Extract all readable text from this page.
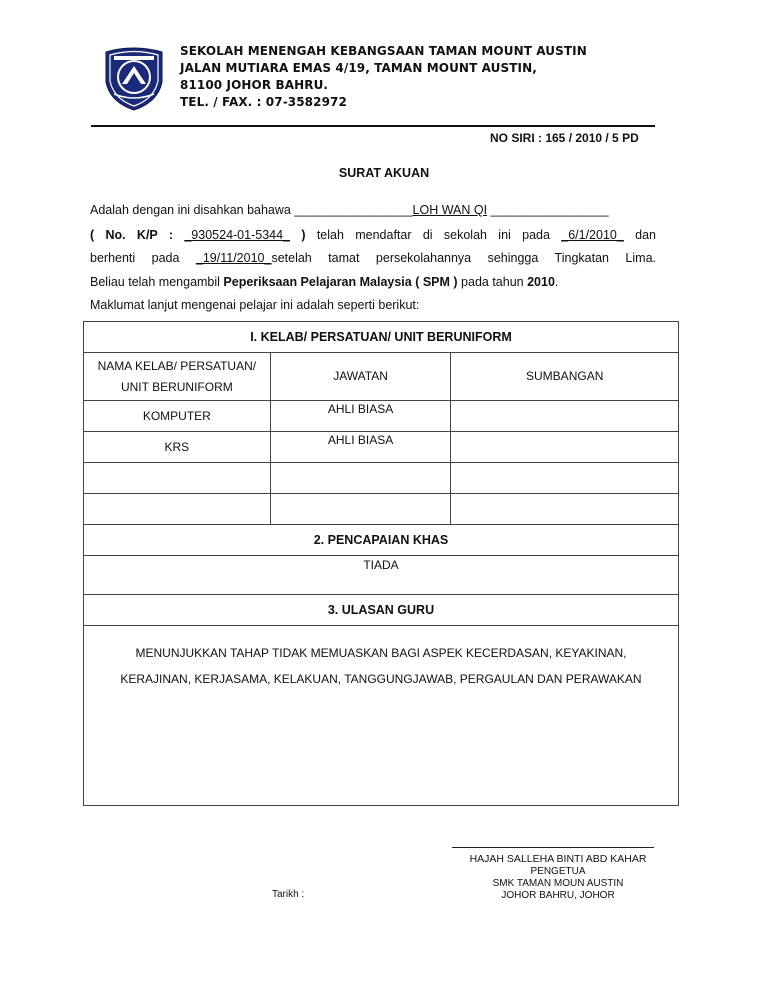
SEKOLAH MENENGAH KEBANGSAAN TAMAN MOUNT AUSTIN
JALAN MUTIARA EMAS 4/19, TAMAN MOUNT AUSTIN,
81100 JOHOR BAHRU.
TEL. / FAX. : 07-3582972
NO SIRI : 165 / 2010 / 5 PD
SURAT AKUAN
Adalah dengan ini disahkan bahawa _________________LOH WAN QI _________________
( No. K/P : _930524-01-5344_ ) telah mendaftar di sekolah ini pada _6/1/2010_ dan
berhenti pada _19/11/2010_setelah tamat persekolahannya sehingga Tingkatan Lima.
Beliau telah mengambil Peperiksaan Pelajaran Malaysia ( SPM ) pada tahun 2010.
Maklumat lanjut mengenai pelajar ini adalah seperti berikut:
I. KELAB/ PERSATUAN/ UNIT BERUNIFORM		

NAMA KELAB/ PERSATUAN/
UNIT BERUNIFORM	JAWATAN	SUMBANGAN
KOMPUTER	AHLI BIASA	
KRS	AHLI BIASA	

2. PENCAPAIAN KHAS		
TIADA		
3. ULASAN GURU		

MENUNJUKKAN TAHAP TIDAK MEMUASKAN BAGI ASPEK KECERDASAN, KEYAKINAN,
KERAJINAN, KERJASAMA, KELAKUAN, TANGGUNGJAWAB, PERGAULAN DAN PERAWAKAN		
HAJAH SALLEHA BINTI ABD KAHAR
PENGETUA
SMK TAMAN MOUN AUSTIN
JOHOR BAHRU, JOHOR
Tarikh :
